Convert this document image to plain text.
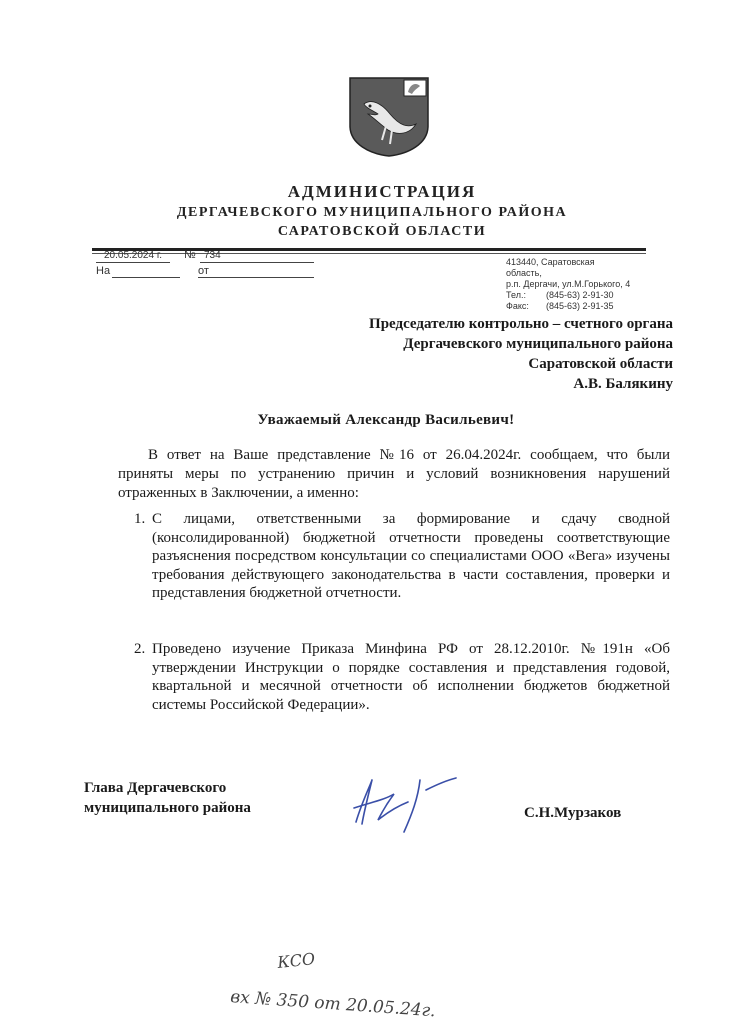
АДМИНИСТРАЦИЯ
ДЕРГАЧЕВСКОГО МУНИЦИПАЛЬНОГО РАЙОНА
САРАТОВСКОЙ ОБЛАСТИ
20.05.2024 г. № 734
На	от
413440, Саратовская
область,
р.п. Дергачи, ул.М.Горького, 4
Тел.: (845-63) 2-91-30
Факс: (845-63) 2-91-35
Председателю контрольно – счетного органа
Дергачевского муниципального района
Саратовской области
А.В. Балякину
Уважаемый Александр Васильевич!
В ответ на Ваше представление №16 от 26.04.2024г. сообщаем, что были приняты меры по устранению причин и условий возникновения нарушений отраженных в Заключении, а именно:
1. С лицами, ответственными за формирование и сдачу сводной (консолидированной) бюджетной отчетности проведены соответствующие разъяснения посредством консультации со специалистами ООО «Вега» изучены требования действующего законодательства в части составления, проверки и представления бюджетной отчетности.
2. Проведено изучение Приказа Минфина РФ от 28.12.2010г. №191н «Об утверждении Инструкции о порядке составления и представления годовой, квартальной и месячной отчетности об исполнении бюджетов бюджетной системы Российской Федерации».
Глава Дергачевского
муниципального района	С.Н.Мурзаков
КСО
вх № 350 от 20.05.24г.
